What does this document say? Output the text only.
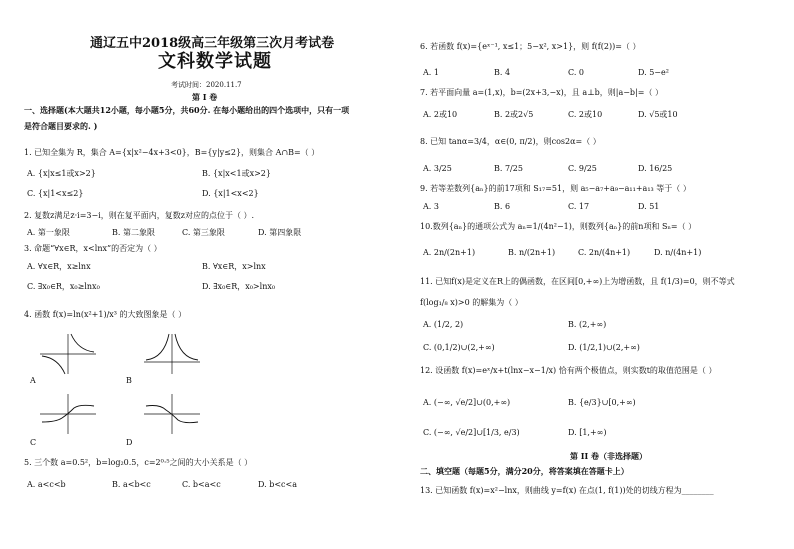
通辽五中2018级高三年级第三次月考试卷
文科数学试题
考试时间：2020.11.7
第 I 卷
一、选择题(本大题共12小题，每小题5分，共60分. 在每小题给出的四个选项中，只有一项
是符合题目要求的. )
1. 已知全集为 R，集合 A={x|x²−4x+3<0}，B={y|y≤2}，则集合 A∩B=（ ）
A. {x|x≤1或x>2}	B. {x|x<1或x>2}
C. {x|1<x≤2}	D. {x|1<x<2}
2. 复数z满足z·i=3−i，则在复平面内，复数z对应的点位于（ ）.
A. 第一象限	B. 第二象限	C. 第三象限	D. 第四象限
3. 命题“∀x∈R，x<lnx”的否定为（ ）
A. ∀x∈R，x≥lnx	B. ∀x∈R，x>lnx
C. ∃x₀∈R，x₀≥lnx₀	D. ∃x₀∈R，x₀>lnx₀
4. 函数 f(x)=ln(x²+1)/x³ 的大致图象是（ ）
A	B
C	D
5. 三个数 a=0.5²，b=log₂0.5，c=2⁰·⁵之间的大小关系是（ ）
A. a<c<b	B. a<b<c	C. b<a<c	D. b<c<a
6. 若函数 f(x)={eˣ⁻¹, x≤1；5−x², x>1}，则 f(f(2))=（ ）
A. 1	B. 4	C. 0	D. 5−e²
7. 若平面向量 a=(1,x)，b=(2x+3,−x)，且 a⊥b，则|a−b|=（ ）
A. 2或10	B. 2或2√5	C. 2或10	D. √5或10
8. 已知 tanα=3/4，α∈(0, π/2)，则cos2α=（ ）
A. 3/25	B. 7/25	C. 9/25	D. 16/25
9. 若等差数列{aₙ}的前17项和 S₁₇=51，则 a₅−a₇+a₉−a₁₁+a₁₃ 等于（ ）
A. 3	B. 6	C. 17	D. 51
10.数列{aₙ}的通项公式为 aₙ=1/(4n²−1)，则数列{aₙ}的前n项和 Sₙ=（ ）
A. 2n/(2n+1)	B. n/(2n+1)	C. 2n/(4n+1)	D. n/(4n+1)
11. 已知f(x)是定义在R上的偶函数，在区间[0,+∞)上为增函数，且 f(1/3)=0，则不等式
f(log₁/₈ x)>0 的解集为（ ）
A. (1/2, 2)	B. (2,+∞)
C. (0,1/2)∪(2,+∞)	D. (1/2,1)∪(2,+∞)
12. 设函数 f(x)=eˣ/x+t(lnx−x−1/x) 恰有两个极值点，则实数t的取值范围是（ ）
A. (−∞, √e/2]∪(0,+∞)	B. {e/3}∪[0,+∞)
C. (−∞, √e/2]∪[1/3, e/3)	D. [1,+∞)
第 II 卷（非选择题）
二、填空题（每题5分，满分20分，将答案填在答题卡上）
13. 已知函数 f(x)=x²−lnx，则曲线 y=f(x) 在点(1, f(1))处的切线方程为________
